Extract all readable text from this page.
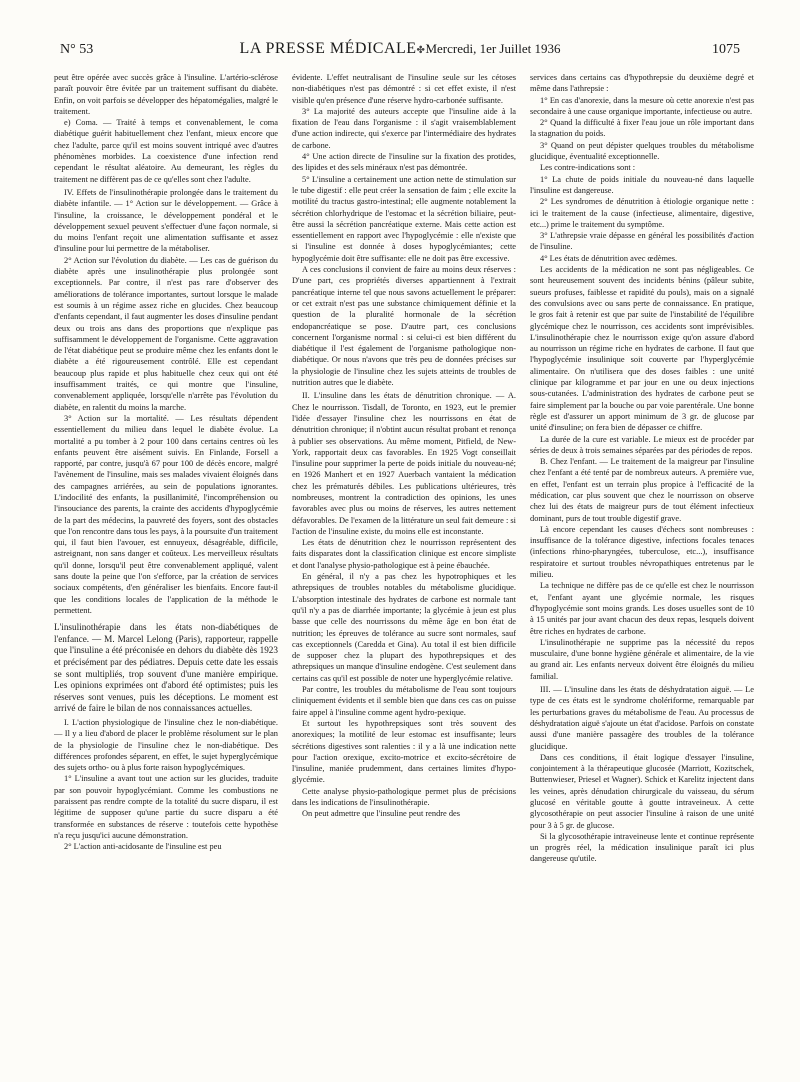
N° 53	LA PRESSE MÉDICALE✤Mercredi, 1er Juillet 1936	1075

peut être opérée avec succès grâce à l'insuline. L'artério-sclérose paraît pouvoir être évitée par un traitement suffisant du diabète. Enfin, on voit parfois se développer des hépatomégalies, malgré le traitement.

e) Coma. — Traité à temps et convenablement, le coma diabétique guérit habituellement chez l'enfant, mieux encore que chez l'adulte, parce qu'il est moins souvent intriqué avec d'autres phénomènes morbides. La coexistence d'une infection rend cependant le résultat aléatoire. Au demeurant, les règles du traitement ne diffèrent pas de ce qu'elles sont chez l'adulte.

IV. Effets de l'insulinothérapie prolongée dans le traitement du diabète infantile. — 1° Action sur le développement. — Grâce à l'insuline, la croissance, le développement pondéral et le développement sexuel peuvent s'effectuer d'une façon normale, si du moins l'enfant reçoit une alimentation suffisante et assez d'insuline pour lui permettre de la métaboliser.

2° Action sur l'évolution du diabète. — Les cas de guérison du diabète après une insulinothérapie plus prolongée sont exceptionnels. Par contre, il n'est pas rare d'observer des améliorations de tolérance importantes, surtout lorsque le malade est soumis à un régime assez riche en glucides. Chez beaucoup d'enfants cependant, il faut augmenter les doses d'insuline pendant deux ou trois ans dans des proportions que n'explique pas suffisamment le développement de l'organisme. Cette aggravation de l'état diabétique peut se produire même chez les enfants dont le diabète a été rigoureusement contrôlé. Elle est cependant beaucoup plus rapide et plus habituelle chez ceux qui ont été insuffisamment traités, ce qui montre que l'insuline, convenablement appliquée, lorsqu'elle n'arrête pas l'évolution du diabète, en ralentit du moins la marche.

3° Action sur la mortalité. — Les résultats dépendent essentiellement du milieu dans lequel le diabète évolue. La mortalité a pu tomber à 2 pour 100 dans certains centres où les enfants peuvent être aisément suivis. En Finlande, Forsell a rapporté, par contre, jusqu'à 67 pour 100 de décès encore, malgré l'avènement de l'insuline, mais ses malades vivaient éloignés dans des campagnes arriérées, au sein de populations ignorantes. L'indocilité des enfants, la pusillanimité, l'incompréhension ou l'insouciance des parents, la crainte des accidents d'hypoglycémie de la part des médecins, la pauvreté des foyers, sont des obstacles que l'on rencontre dans tous les pays, à la poursuite d'un traitement qui, il faut bien l'avouer, est ennuyeux, désagréable, difficile, astreignant, non sans danger et coûteux. Les merveilleux résultats qu'il donne, lorsqu'il peut être convenablement appliqué, valent sans doute la peine que l'on s'efforce, par la création de services sociaux compétents, d'en généraliser les bienfaits. Encore faut-il que les conditions locales de l'application de la méthode le permettent.

L'insulinothérapie dans les états non-diabétiques de l'enfance. — M. Marcel Lelong (Paris), rapporteur, rappelle que l'insuline a été préconisée en dehors du diabète dès 1923 et précisément par des pédiatres. Depuis cette date les essais se sont multipliés, trop souvent d'une manière empirique. Les opinions exprimées ont d'abord été optimistes; puis les réserves sont venues, puis les déceptions. Le moment est arrivé de faire le bilan de nos connaissances actuelles.

I. L'action physiologique de l'insuline chez le non-diabétique. — Il y a lieu d'abord de placer le problème résolument sur le plan de la physiologie de l'insuline chez le non-diabétique. Des différences profondes séparent, en effet, le sujet hyperglycémique des sujets ortho- ou à plus forte raison hypoglycémiques.

1° L'insuline a avant tout une action sur les glucides, traduite par son pouvoir hypoglycémiant. Comme les combustions ne paraissent pas rendre compte de la totalité du sucre disparu, il est légitime de supposer qu'une partie du sucre disparu a été transformée en substances de réserve : toutefois cette hypothèse n'a reçu jusqu'ici aucune démonstration.

2° L'action anti-acidosante de l'insuline est peu

évidente. L'effet neutralisant de l'insuline seule sur les cétoses non-diabétiques n'est pas démontré : si cet effet existe, il n'est visible qu'en présence d'une réserve hydro-carbonée suffisante.

3° La majorité des auteurs accepte que l'insuline aide à la fixation de l'eau dans l'organisme : il s'agit vraisemblablement d'une action indirecte, qui s'exerce par l'intermédiaire des hydrates de carbone.

4° Une action directe de l'insuline sur la fixation des protides, des lipides et des sels minéraux n'est pas démontrée.

5° L'insuline a certainement une action nette de stimulation sur le tube digestif : elle peut créer la sensation de faim ; elle excite la motilité du tractus gastro-intestinal; elle augmente notablement la sécrétion chlorhydrique de l'estomac et la sécrétion biliaire, peut-être aussi la sécrétion pancréatique externe. Mais cette action est essentiellement en rapport avec l'hypoglycémie : elle n'existe que si l'insuline est donnée à doses hypoglycémiantes; cette hypoglycémie doit être suffisante: elle ne doit pas être excessive.

A ces conclusions il convient de faire au moins deux réserves : D'une part, ces propriétés diverses appartiennent à l'extrait pancréatique interne tel que nous savons actuellement le préparer: or cet extrait n'est pas une substance chimiquement définie et la question de la pluralité hormonale de la sécrétion endopancréatique se pose. D'autre part, ces conclusions concernent l'organisme normal : si celui-ci est bien différent du diabétique il l'est également de l'organisme pathologique non-diabétique. Or nous n'avons que très peu de données précises sur la physiologie de l'insuline chez les sujets atteints de troubles de nutrition autres que le diabète.

II. L'insuline dans les états de dénutrition chronique. — A. Chez le nourrisson. Tisdall, de Toronto, en 1923, eut le premier l'idée d'essayer l'insuline chez les nourrissons en état de dénutrition chronique; il n'obtint aucun résultat probant et renonça à publier ses observations. Au même moment, Pitfield, de New-York, rapportait deux cas favorables. En 1925 Vogt conseillait l'insuline pour supprimer la perte de poids initiale du nouveau-né; en 1926 Manhert et en 1927 Auerbach vantaient la médication chez les prématurés débiles. Les publications ultérieures, très nombreuses, montrent la contradiction des opinions, les unes favorables avec plus ou moins de réserves, les autres nettement défavorables. De l'examen de la littérature un seul fait demeure : si l'action de l'insuline existe, du moins elle est inconstante.

Les états de dénutrition chez le nourrisson représentent des faits disparates dont la classification clinique est encore simpliste et dont l'analyse physio-pathologique est à peine ébauchée.

En général, il n'y a pas chez les hypotrophiques et les athrepsiques de troubles notables du métabolisme glucidique. L'absorption intestinale des hydrates de carbone est normale tant qu'il n'y a pas de diarrhée importante; la glycémie à jeun est plus basse que celle des nourrissons du même âge en bon état de nutrition; les épreuves de tolérance au sucre sont normales, sauf cas exceptionnels (Caredda et Gina). Au total il est bien difficile de supposer chez la plupart des hypothrepsiques et des athrepsiques un manque d'insuline endogène. C'est seulement dans certains cas qu'il est possible de noter une hyperglycémie relative.

Par contre, les troubles du métabolisme de l'eau sont toujours cliniquement évidents et il semble bien que dans ces cas on puisse faire appel à l'insuline comme agent hydro-pexique.

Et surtout les hypothrepsiques sont très souvent des anorexiques; la motilité de leur estomac est insuffisante; leurs sécrétions digestives sont ralenties : il y a là une indication nette pour l'action orexique, excito-motrice et excito-sécrétoire de l'insuline, maniée prudemment, dans certaines limites d'hypo-glycémie.

Cette analyse physio-pathologique permet plus de précisions dans les indications de l'insulinothérapie.

On peut admettre que l'insuline peut rendre des

services dans certains cas d'hypothrepsie du deuxième degré et même dans l'athrepsie :

1° En cas d'anorexie, dans la mesure où cette anorexie n'est pas secondaire à une cause organique importante, infectieuse ou autre.

2° Quand la difficulté à fixer l'eau joue un rôle important dans la stagnation du poids.

3° Quand on peut dépister quelques troubles du métabolisme glucidique, éventualité exceptionnelle.

Les contre-indications sont :

1° La chute de poids initiale du nouveau-né dans laquelle l'insuline est dangereuse.

2° Les syndromes de dénutrition à étiologie organique nette : ici le traitement de la cause (infectieuse, alimentaire, digestive, etc...) prime le traitement du symptôme.

3° L'athrepsie vraie dépasse en général les possibilités d'action de l'insuline.

4° Les états de dénutrition avec œdèmes.

Les accidents de la médication ne sont pas négligeables. Ce sont heureusement souvent des incidents bénins (pâleur subite, sueurs profuses, faiblesse et rapidité du pouls), mais on a signalé des convulsions avec ou sans perte de connaissance. En pratique, le gros fait à retenir est que par suite de l'instabilité de l'équilibre glycémique chez le nourrisson, ces accidents sont imprévisibles. L'insulinothérapie chez le nourrisson exige qu'on assure d'abord au nourrisson un régime riche en hydrates de carbone. Il faut que l'hypoglycémie insulinique soit couverte par l'hyperglycémie alimentaire. On n'utilisera que des doses faibles : une unité clinique par kilogramme et par jour en une ou deux injections sous-cutanées. L'administration des hydrates de carbone peut se faire simplement par la bouche ou par voie parentérale. Une bonne règle est d'assurer un apport minimum de 3 gr. de glucose par unité d'insuline; on fera bien de dépasser ce chiffre.

La durée de la cure est variable. Le mieux est de procéder par séries de deux à trois semaines séparées par des périodes de repos.

B. Chez l'enfant. — Le traitement de la maigreur par l'insuline chez l'enfant a été tenté par de nombreux auteurs. A première vue, en effet, l'enfant est un terrain plus propice à l'efficacité de la médication, car plus souvent que chez le nourrisson on observe chez lui des états de maigreur purs de tout élément infectieux dominant, purs de tout trouble digestif grave.

Là encore cependant les causes d'échecs sont nombreuses : insuffisance de la tolérance digestive, infections focales tenaces (infections rhino-pharyngées, tuberculose, etc...), insuffisance respiratoire et surtout troubles névropathiques entretenus par le milieu.

La technique ne diffère pas de ce qu'elle est chez le nourrisson et, l'enfant ayant une glycémie normale, les risques d'hypoglycémie sont moins grands. Les doses usuelles sont de 10 à 15 unités par jour avant chacun des deux repas, lesquels doivent être riches en hydrates de carbone.

L'insulinothérapie ne supprime pas la nécessité du repos musculaire, d'une bonne hygiène générale et alimentaire, de la vie au grand air. Les enfants nerveux doivent être éloignés du milieu familial.

III. — L'insuline dans les états de déshydratation aiguë. — Le type de ces états est le syndrome cholériforme, remarquable par les perturbations graves du métabolisme de l'eau. Au processus de déshydratation aiguë s'ajoute un état d'acidose. Parfois on constate aussi d'une manière passagère des troubles de la tolérance glucidique.

Dans ces conditions, il était logique d'essayer l'insuline, conjointement à la thérapeutique glucosée (Marriott, Kozitschek, Buttenwieser, Priesel et Wagner). Schick et Karelitz injectent dans les veines, après dénudation chirurgicale du vaisseau, du sérum glucosé en véritable goutte à goutte intraveineux. A cette glycosothérapie on peut associer l'insuline à raison de une unité pour 3 à 5 gr. de glucose.

Si la glycosothérapie intraveineuse lente et continue représente un progrès réel, la médication insulinique paraît ici plus dangereuse qu'utile.
